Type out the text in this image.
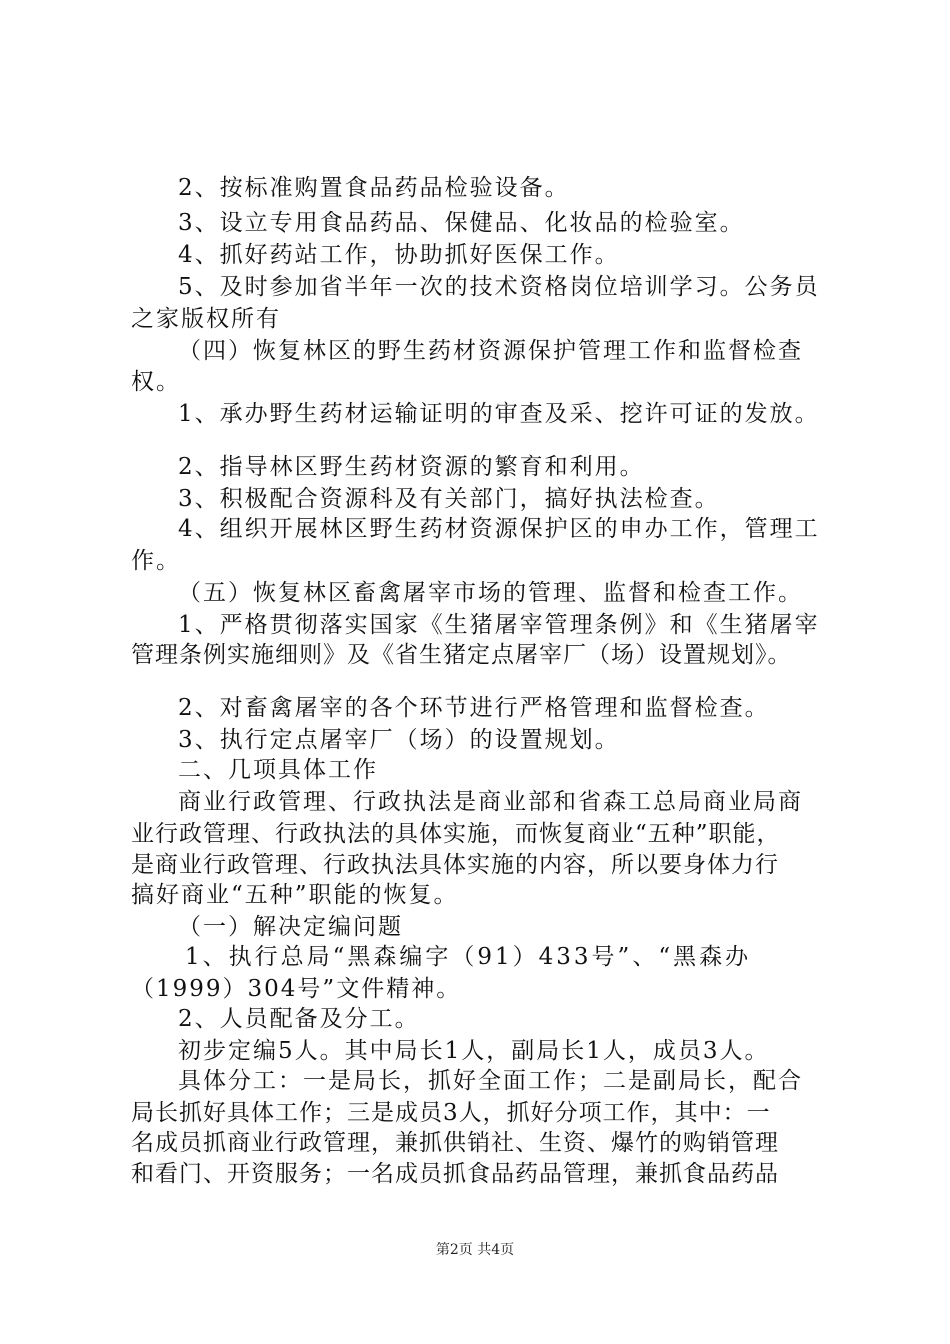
2、按标准购置食品药品检验设备。
3、设立专用食品药品、保健品、化妆品的检验室。
4、抓好药站工作，协助抓好医保工作。
5、及时参加省半年一次的技术资格岗位培训学习。公务员
之家版权所有
（四）恢复林区的野生药材资源保护管理工作和监督检查
权。
1、承办野生药材运输证明的审查及采、挖许可证的发放。
2、指导林区野生药材资源的繁育和利用。
3、积极配合资源科及有关部门，搞好执法检查。
4、组织开展林区野生药材资源保护区的申办工作，管理工
作。
（五）恢复林区畜禽屠宰市场的管理、监督和检查工作。
1、严格贯彻落实国家《生猪屠宰管理条例》和《生猪屠宰
管理条例实施细则》及《省生猪定点屠宰厂（场）设置规划》。
2、对畜禽屠宰的各个环节进行严格管理和监督检查。
3、执行定点屠宰厂（场）的设置规划。
二、几项具体工作
商业行政管理、行政执法是商业部和省森工总局商业局商
业行政管理、行政执法的具体实施，而恢复商业“五种”职能，
是商业行政管理、行政执法具体实施的内容，所以要身体力行
搞好商业“五种”职能的恢复。
（一）解决定编问题
1、执行总局“黑森编字（91）433号”、“黑森办
（1999）304号”文件精神。
2、人员配备及分工。
初步定编5人。其中局长1人，副局长1人，成员3人。
具体分工：一是局长，抓好全面工作；二是副局长，配合
局长抓好具体工作；三是成员3人，抓好分项工作，其中：一
名成员抓商业行政管理，兼抓供销社、生资、爆竹的购销管理
和看门、开资服务；一名成员抓食品药品管理，兼抓食品药品
第2页 共4页
